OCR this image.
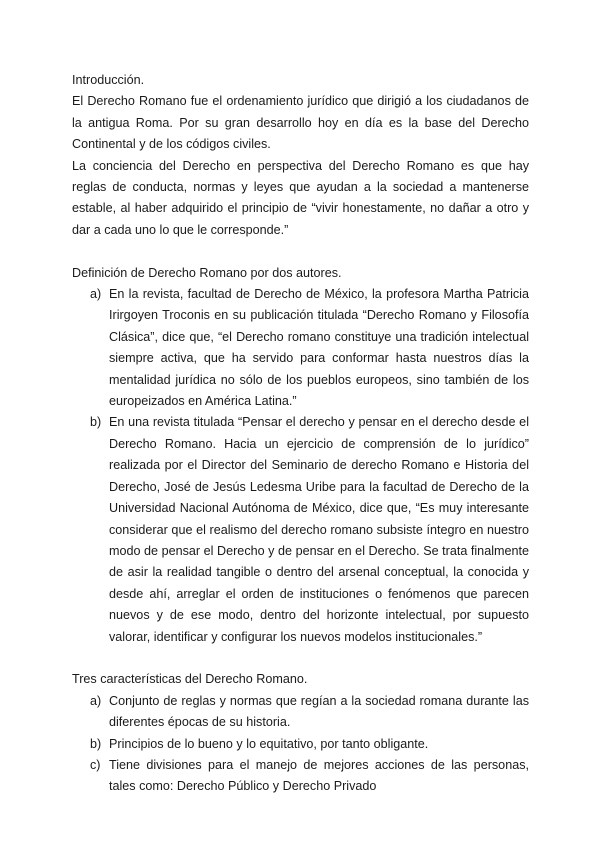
Introducción.

El Derecho Romano fue el ordenamiento jurídico que dirigió a los ciudadanos de la antigua Roma. Por su gran desarrollo hoy en día es la base del Derecho Continental y de los códigos civiles.

La conciencia del Derecho en perspectiva del Derecho Romano es que hay reglas de conducta, normas y leyes que ayudan a la sociedad a mantenerse estable, al haber adquirido el principio de “vivir honestamente, no dañar a otro y dar a cada uno lo que le corresponde.”

Definición de Derecho Romano por dos autores.

a) En la revista, facultad de Derecho de México, la profesora Martha Patricia Irirgoyen Troconis en su publicación titulada “Derecho Romano y Filosofía Clásica”, dice que, “el Derecho romano constituye una tradición intelectual siempre activa, que ha servido para conformar hasta nuestros días la mentalidad jurídica no sólo de los pueblos europeos, sino también de los europeizados en América Latina.”
b) En una revista titulada “Pensar el derecho y pensar en el derecho desde el Derecho Romano. Hacia un ejercicio de comprensión de lo jurídico” realizada por el Director del Seminario de derecho Romano e Historia del Derecho, José de Jesús Ledesma Uribe para la facultad de Derecho de la Universidad Nacional Autónoma de México, dice que, “Es muy interesante considerar que el realismo del derecho romano subsiste íntegro en nuestro modo de pensar el Derecho y de pensar en el Derecho. Se trata finalmente de asir la realidad tangible o dentro del arsenal conceptual, la conocida y desde ahí, arreglar el orden de instituciones o fenómenos que parecen nuevos y de ese modo, dentro del horizonte intelectual, por supuesto valorar, identificar y configurar los nuevos modelos institucionales.”

Tres características del Derecho Romano.

a) Conjunto de reglas y normas que regían a la sociedad romana durante las diferentes épocas de su historia.
b) Principios de lo bueno y lo equitativo, por tanto obligante.
c) Tiene divisiones para el manejo de mejores acciones de las personas, tales como: Derecho Público y Derecho Privado
